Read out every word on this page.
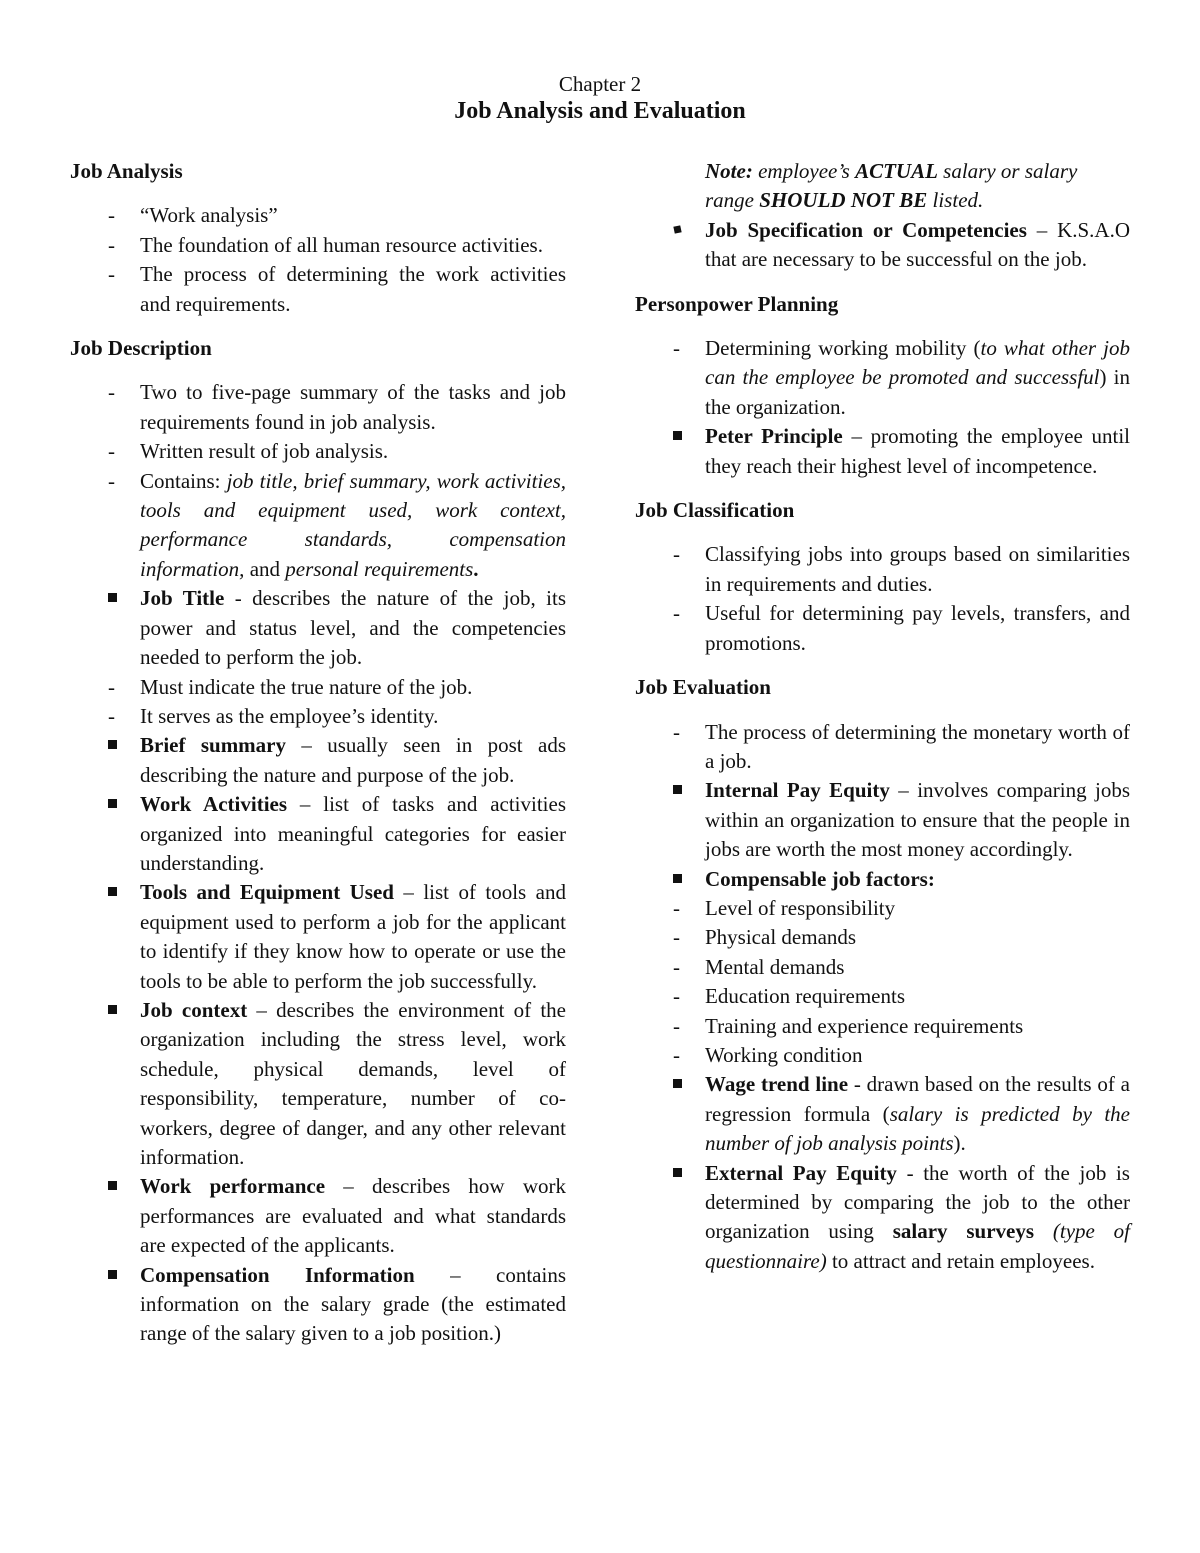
Chapter 2
Job Analysis and Evaluation
Job Analysis
-	“Work analysis”
-	The foundation of all human resource activities.
-	The process of determining the work activities and requirements.
Job Description
-	Two to five-page summary of the tasks and job requirements found in job analysis.
-	Written result of job analysis.
-	Contains: job title, brief summary, work activities, tools and equipment used, work context, performance standards, compensation information, and personal requirements.
Job Title - describes the nature of the job, its power and status level, and the competencies needed to perform the job.
-	Must indicate the true nature of the job.
-	It serves as the employee’s identity.
Brief summary – usually seen in post ads describing the nature and purpose of the job.
Work Activities – list of tasks and activities organized into meaningful categories for easier understanding.
Tools and Equipment Used – list of tools and equipment used to perform a job for the applicant to identify if they know how to operate or use the tools to be able to perform the job successfully.
Job context – describes the environment of the organization including the stress level, work schedule, physical demands, level of responsibility, temperature, number of co-workers, degree of danger, and any other relevant information.
Work performance – describes how work performances are evaluated and what standards are expected of the applicants.
Compensation Information – contains information on the salary grade (the estimated range of the salary given to a job position.)
Note: employee’s ACTUAL salary or salary range SHOULD NOT BE listed.
Job Specification or Competencies – K.S.A.O that are necessary to be successful on the job.
Personpower Planning
-	Determining working mobility (to what other job can the employee be promoted and successful) in the organization.
Peter Principle – promoting the employee until they reach their highest level of incompetence.
Job Classification
-	Classifying jobs into groups based on similarities in requirements and duties.
-	Useful for determining pay levels, transfers, and promotions.
Job Evaluation
-	The process of determining the monetary worth of a job.
Internal Pay Equity – involves comparing jobs within an organization to ensure that the people in jobs are worth the most money accordingly.
Compensable job factors:
-	Level of responsibility
-	Physical demands
-	Mental demands
-	Education requirements
-	Training and experience requirements
-	Working condition
Wage trend line - drawn based on the results of a regression formula (salary is predicted by the number of job analysis points).
External Pay Equity - the worth of the job is determined by comparing the job to the other organization using salary surveys (type of questionnaire) to attract and retain employees.
